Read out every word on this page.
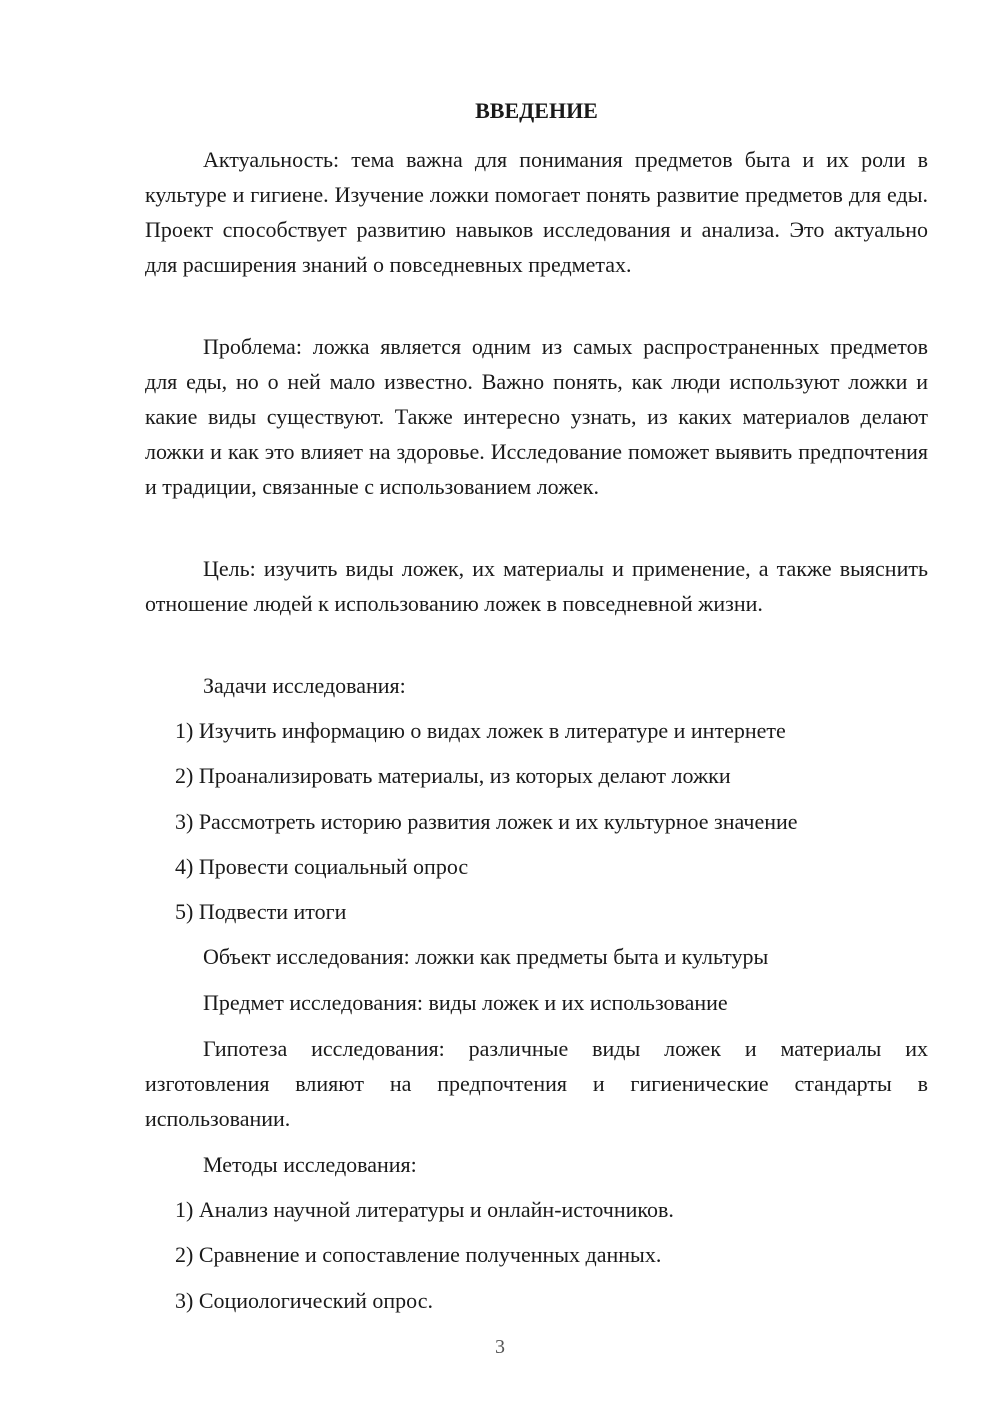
ВВЕДЕНИЕ

Актуальность: тема важна для понимания предметов быта и их роли в культуре и гигиене. Изучение ложки помогает понять развитие предметов для еды. Проект способствует развитию навыков исследования и анализа. Это актуально для расширения знаний о повседневных предметах.

Проблема: ложка является одним из самых распространенных предметов для еды, но о ней мало известно. Важно понять, как люди используют ложки и какие виды существуют. Также интересно узнать, из каких материалов делают ложки и как это влияет на здоровье. Исследование поможет выявить предпочтения и традиции, связанные с использованием ложек.

Цель: изучить виды ложек, их материалы и применение, а также выяснить отношение людей к использованию ложек в повседневной жизни.

Задачи исследования:

1) Изучить информацию о видах ложек в литературе и интернете

2) Проанализировать материалы, из которых делают ложки

3) Рассмотреть историю развития ложек и их культурное значение

4) Провести социальный опрос

5) Подвести итоги

Объект исследования: ложки как предметы быта и культуры

Предмет исследования: виды ложек и их использование

Гипотеза исследования: различные виды ложек и материалы их изготовления влияют на предпочтения и гигиенические стандарты в использовании.

Методы исследования:

1) Анализ научной литературы и онлайн-источников.

2) Сравнение и сопоставление полученных данных.

3) Социологический опрос.

3
